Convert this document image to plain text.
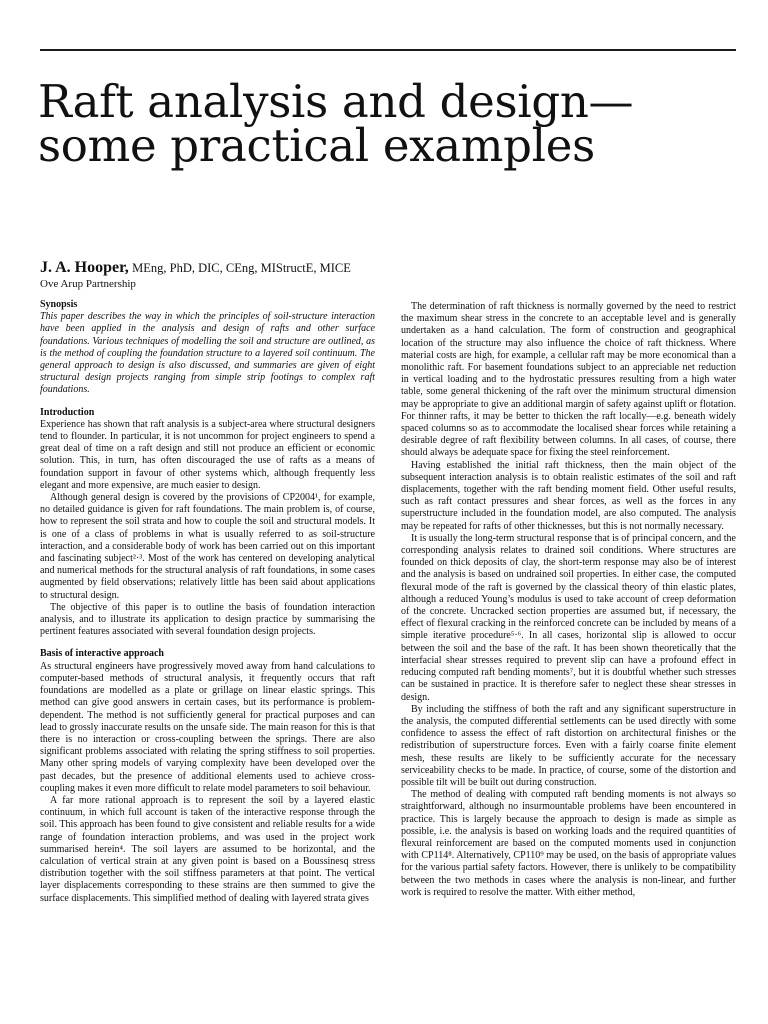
Raft analysis and design—some practical examples
J. A. Hooper, MEng, PhD, DIC, CEng, MIStructE, MICE
Ove Arup Partnership
Synopsis
This paper describes the way in which the principles of soil-structure interaction have been applied in the analysis and design of rafts and other surface foundations. Various techniques of modelling the soil and structure are outlined, as is the method of coupling the foundation structure to a layered soil continuum. The general approach to design is also discussed, and summaries are given of eight structural design projects ranging from simple strip footings to complex raft foundations.
Introduction

Experience has shown that raft analysis is a subject-area where structural designers tend to flounder. In particular, it is not uncommon for project engineers to spend a great deal of time on a raft design and still not produce an efficient or economic solution. This, in turn, has often discouraged the use of rafts as a means of foundation support in favour of other systems which, although frequently less elegant and more expensive, are much easier to design.

Although general design is covered by the provisions of CP2004¹, for example, no detailed guidance is given for raft foundations. The main problem is, of course, how to represent the soil strata and how to couple the soil and structural models. It is one of a class of problems in what is usually referred to as soil-structure interaction, and a considerable body of work has been carried out on this important and fascinating subject²·³. Most of the work has centered on developing analytical and numerical methods for the structural analysis of raft foundations, in some cases augmented by field observations; relatively little has been said about applications to structural design.

The objective of this paper is to outline the basis of foundation interaction analysis, and to illustrate its application to design practice by summarising the pertinent features associated with several foundation design projects.

Basis of interactive approach

As structural engineers have progressively moved away from hand calculations to computer-based methods of structural analysis, it frequently occurs that raft foundations are modelled as a plate or grillage on linear elastic springs. This method can give good answers in certain cases, but its performance is problem-dependent. The method is not sufficiently general for practical purposes and can lead to grossly inaccurate results on the unsafe side. The main reason for this is that there is no interaction or cross-coupling between the springs. There are also significant problems associated with relating the spring stiffness to soil properties. Many other spring models of varying complexity have been developed over the past decades, but the presence of additional elements used to achieve cross-coupling makes it even more difficult to relate model parameters to soil behaviour.

A far more rational approach is to represent the soil by a layered elastic continuum, in which full account is taken of the interactive response through the soil. This approach has been found to give consistent and reliable results for a wide range of foundation interaction problems, and was used in the project work summarised herein⁴. The soil layers are assumed to be horizontal, and the calculation of vertical strain at any given point is based on a Boussinesq stress distribution together with the soil stiffness parameters at that point. The vertical layer displacements corresponding to these strains are then summed to give the surface displacements. This simplified method of dealing with layered strata gives

The determination of raft thickness is normally governed by the need to restrict the maximum shear stress in the concrete to an acceptable level and is generally undertaken as a hand calculation. The form of construction and geographical location of the structure may also influence the choice of raft thickness. Where material costs are high, for example, a cellular raft may be more economical than a monolithic raft. For basement foundations subject to an appreciable net reduction in vertical loading and to the hydrostatic pressures resulting from a high water table, some general thickening of the raft over the minimum structural dimension may be appropriate to give an additional margin of safety against uplift or flotation. For thinner rafts, it may be better to thicken the raft locally—e.g. beneath widely spaced columns so as to accommodate the localised shear forces while retaining a desirable degree of raft flexibility between columns. In all cases, of course, there should always be adequate space for fixing the steel reinforcement.

Having established the initial raft thickness, then the main object of the subsequent interaction analysis is to obtain realistic estimates of the soil and raft displacements, together with the raft bending moment field. Other useful results, such as raft contact pressures and shear forces, as well as the forces in any superstructure included in the foundation model, are also computed. The analysis may be repeated for rafts of other thicknesses, but this is not normally necessary.

It is usually the long-term structural response that is of principal concern, and the corresponding analysis relates to drained soil conditions. Where structures are founded on thick deposits of clay, the short-term response may also be of interest and the analysis is based on undrained soil properties. In either case, the computed flexural mode of the raft is governed by the classical theory of thin elastic plates, although a reduced Young’s modulus is used to take account of creep deformation of the concrete. Uncracked section properties are assumed but, if necessary, the effect of flexural cracking in the reinforced concrete can be included by means of a simple iterative procedure⁵·⁶. In all cases, horizontal slip is allowed to occur between the soil and the base of the raft. It has been shown theoretically that the interfacial shear stresses required to prevent slip can have a profound effect in reducing computed raft bending moments⁷, but it is doubtful whether such stresses can be sustained in practice. It is therefore safer to neglect these shear stresses in design.

By including the stiffness of both the raft and any significant superstructure in the analysis, the computed differential settlements can be used directly with some confidence to assess the effect of raft distortion on architectural finishes or the redistribution of superstructure forces. Even with a fairly coarse finite element mesh, these results are likely to be sufficiently accurate for the necessary serviceability checks to be made. In practice, of course, some of the distortion and possible tilt will be built out during construction.

The method of dealing with computed raft bending moments is not always so straightforward, although no insurmountable problems have been encountered in practice. This is largely because the approach to design is made as simple as possible, i.e. the analysis is based on working loads and the required quantities of flexural reinforcement are based on the computed moments used in conjunction with CP114⁸. Alternatively, CP110⁹ may be used, on the basis of appropriate values for the various partial safety factors. However, there is unlikely to be compatibility between the two methods in cases where the analysis is non-linear, and further work is required to resolve the matter. With either method,
